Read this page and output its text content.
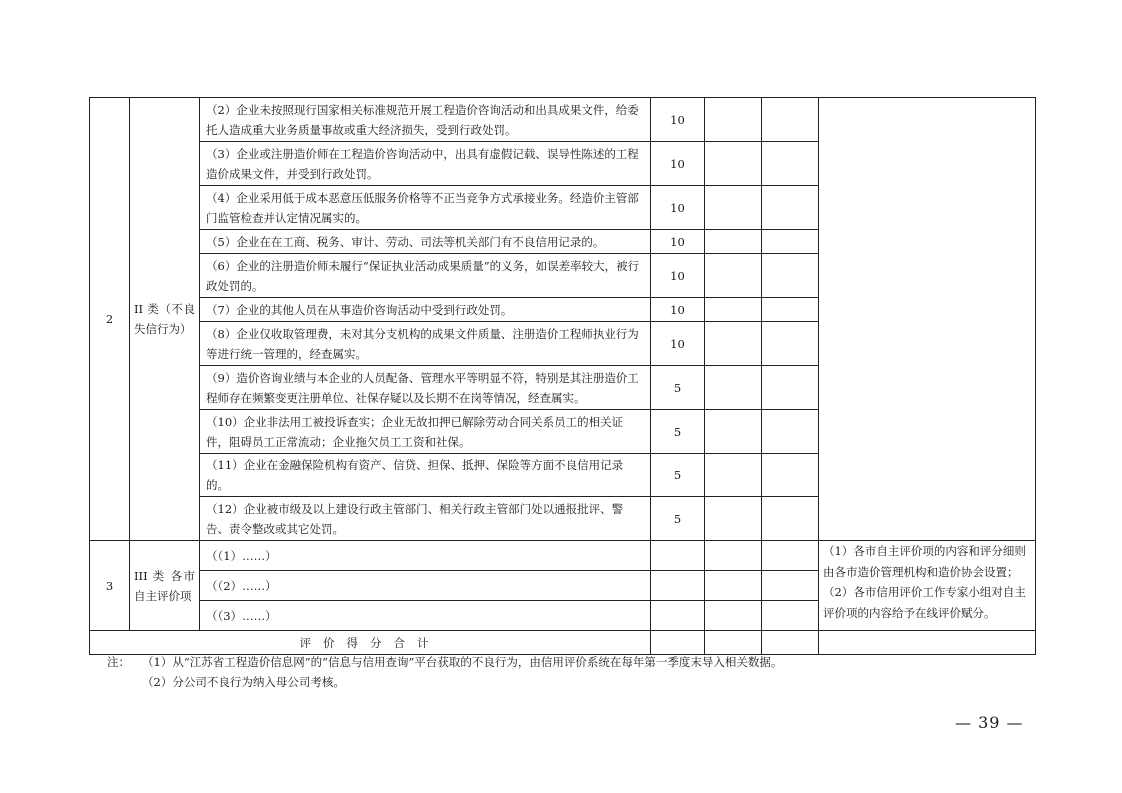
2	II 类（不良失信行为）	（2）企业未按照现行国家相关标准规范开展工程造价咨询活动和出具成果文件，给委托人造成重大业务质量事故或重大经济损失，受到行政处罚。	10			
		（3）企业或注册造价师在工程造价咨询活动中，出具有虚假记载、误导性陈述的工程造价成果文件，并受到行政处罚。	10			
		（4）企业采用低于成本恶意压低服务价格等不正当竞争方式承接业务。经造价主管部门监管检查并认定情况属实的。	10			
		（5）企业在在工商、税务、审计、劳动、司法等机关部门有不良信用记录的。	10			
		（6）企业的注册造价师未履行“保证执业活动成果质量”的义务，如误差率较大，被行政处罚的。	10			
		（7）企业的其他人员在从事造价咨询活动中受到行政处罚。	10			
		（8）企业仅收取管理费，未对其分支机构的成果文件质量、注册造价工程师执业行为等进行统一管理的，经查属实。	10			
		（9）造价咨询业绩与本企业的人员配备、管理水平等明显不符，特别是其注册造价工程师存在频繁变更注册单位、社保存疑以及长期不在岗等情况，经查属实。	5			
		（10）企业非法用工被投诉查实；企业无故扣押已解除劳动合同关系员工的相关证件，阻碍员工正常流动；企业拖欠员工工资和社保。	5			
		（11）企业在金融保险机构有资产、信贷、担保、抵押、保险等方面不良信用记录的。	5			
		（12）企业被市级及以上建设行政主管部门、相关行政主管部门处以通报批评、警告、责令整改或其它处罚。	5			
3	III 类 各市自主评价项	（（1）……）				（1）各市自主评价项的内容和评分细则由各市造价管理机构和造价协会设置；（2）各市信用评价工作专家小组对自主评价项的内容给予在线评价赋分。
		（（2）……）				
		（（3）……）				
评价得分合计						
注： （1）从“江苏省工程造价信息网”的“信息与信用查询”平台获取的不良行为，由信用评价系统在每年第一季度末导入相关数据。
（2）分公司不良行为纳入母公司考核。
— 39 —
